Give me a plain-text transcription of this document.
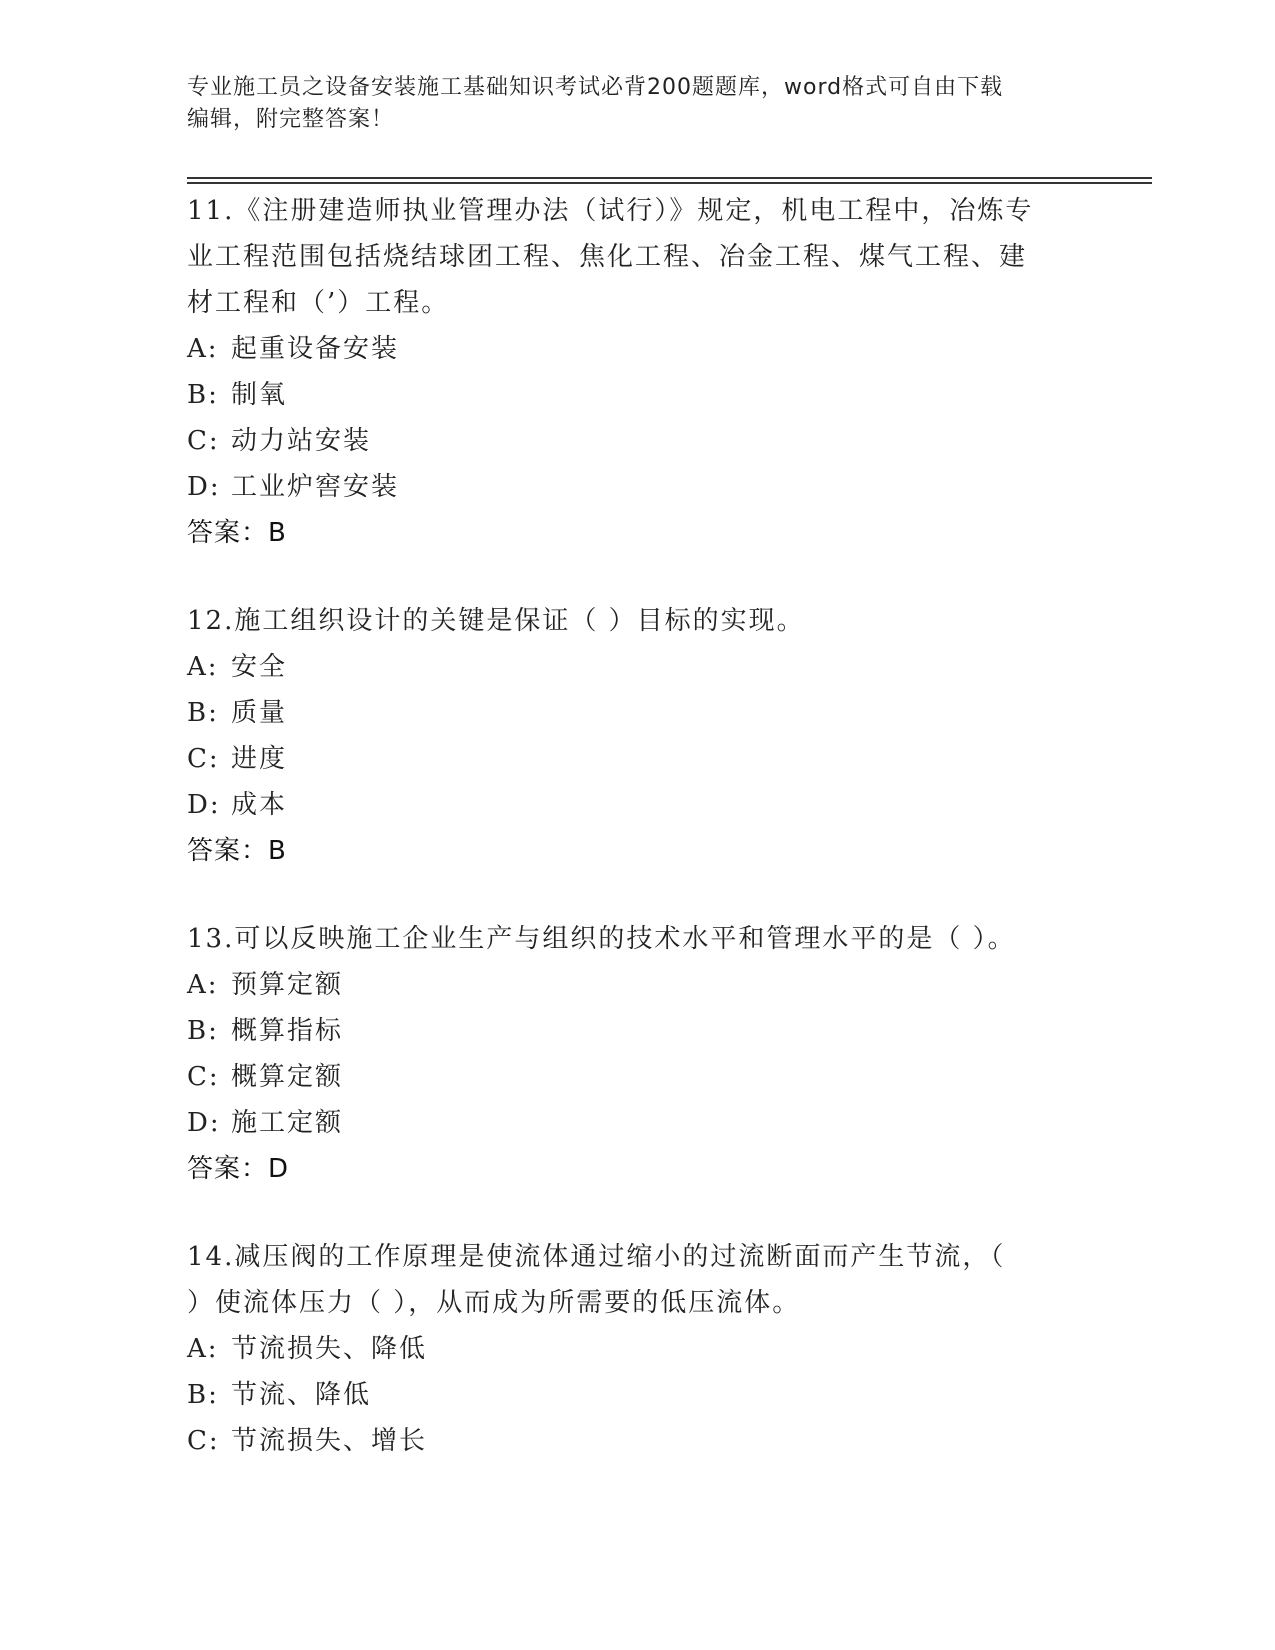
专业施工员之设备安装施工基础知识考试必背200题题库，word格式可自由下载
编辑，附完整答案！
11.《注册建造师执业管理办法（试行）》规定，机电工程中，冶炼专
业工程范围包括烧结球团工程、焦化工程、冶金工程、煤气工程、建
材工程和（’）工程。
A: 起重设备安装
B: 制氧
C: 动力站安装
D: 工业炉窖安装
答案：B
12.施工组织设计的关键是保证（ ）目标的实现。
A: 安全
B: 质量
C: 进度
D: 成本
答案：B
13.可以反映施工企业生产与组织的技术水平和管理水平的是（ ）。
A: 预算定额
B: 概算指标
C: 概算定额
D: 施工定额
答案：D
14.减压阀的工作原理是使流体通过缩小的过流断面而产生节流，（
）使流体压力（ ），从而成为所需要的低压流体。
A: 节流损失、降低
B: 节流、降低
C: 节流损失、增长
